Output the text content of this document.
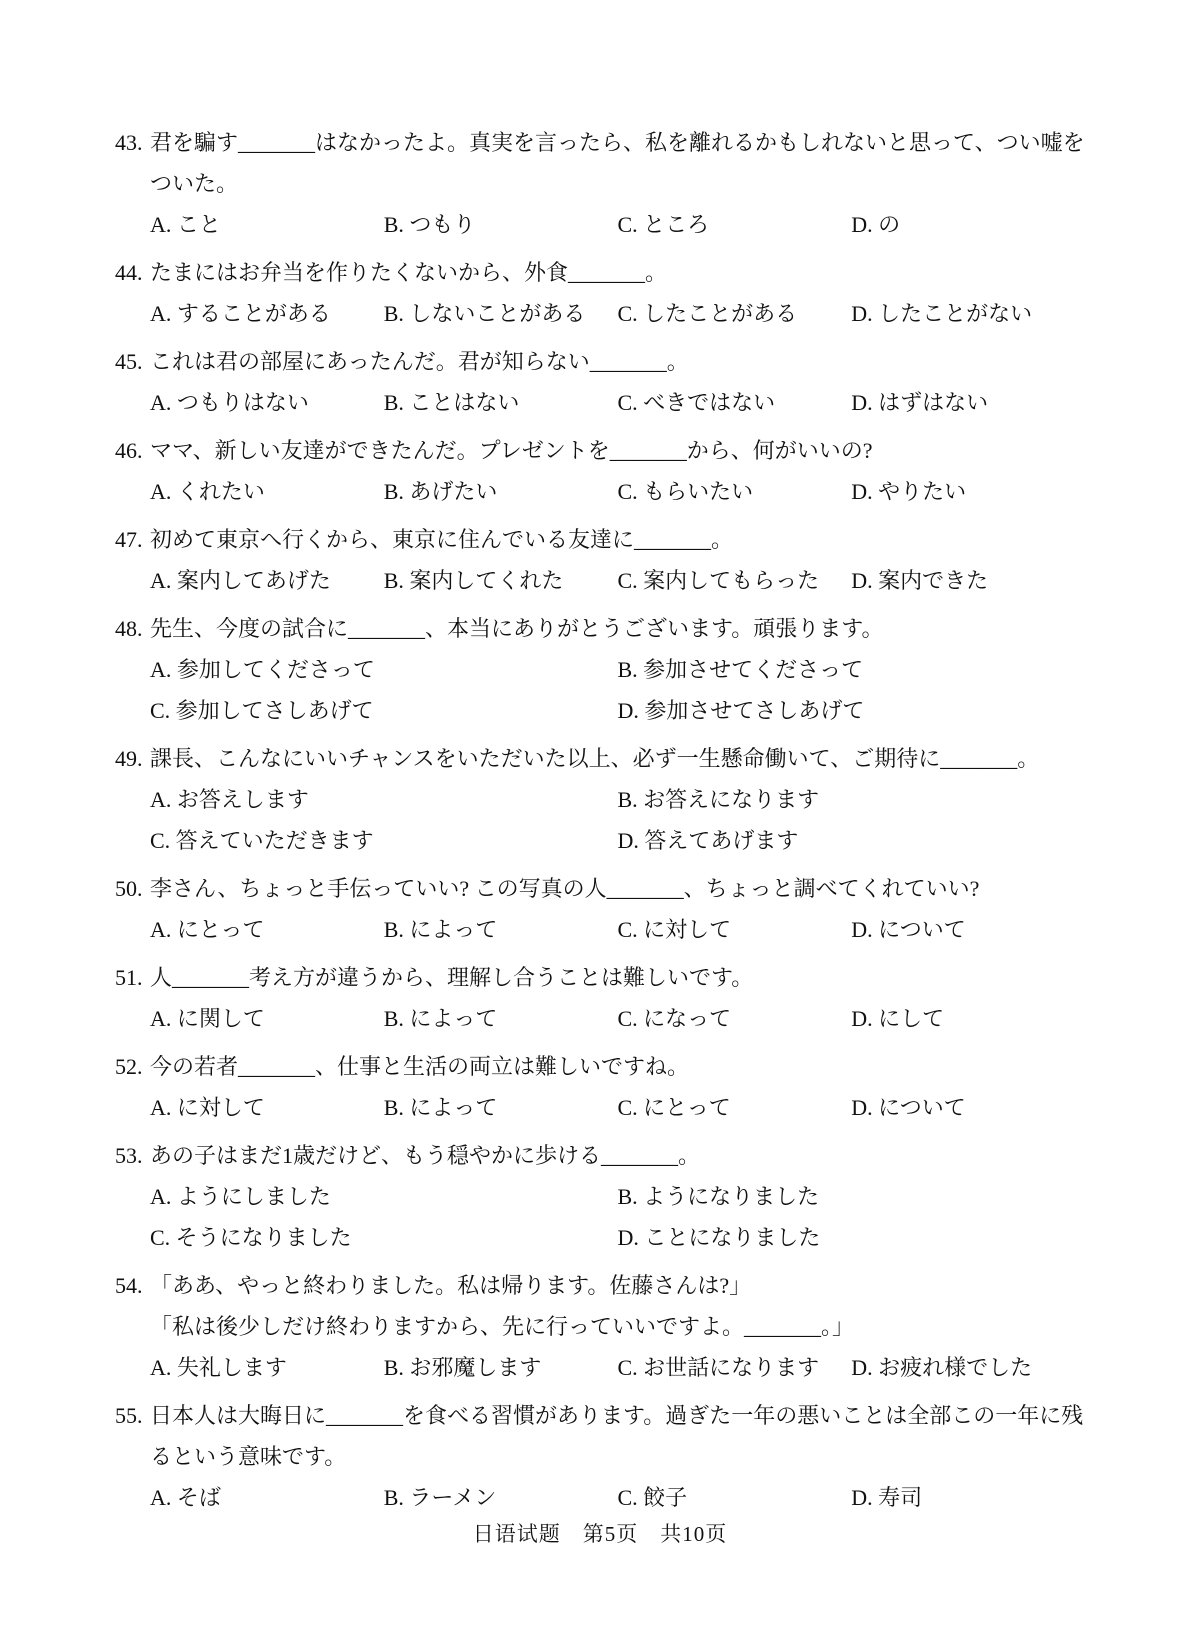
43. 君を騙す_______はなかったよ。真実を言ったら、私を離れるかもしれないと思って、つい嘘をついた。
A. こと	B. つもり	C. ところ	D. の
44. たまにはお弁当を作りたくないから、外食_______。
A. することがある	B. しないことがある	C. したことがある	D. したことがない
45. これは君の部屋にあったんだ。君が知らない_______。
A. つもりはない	B. ことはない	C. べきではない	D. はずはない
46. ママ、新しい友達ができたんだ。プレゼントを_______から、何がいいの?
A. くれたい	B. あげたい	C. もらいたい	D. やりたい
47. 初めて東京へ行くから、東京に住んでいる友達に_______。
A. 案内してあげた	B. 案内してくれた	C. 案内してもらった	D. 案内できた
48. 先生、今度の試合に_______、本当にありがとうございます。頑張ります。
A. 参加してくださって	B. 参加させてくださって
C. 参加してさしあげて	D. 参加させてさしあげて
49. 課長、こんなにいいチャンスをいただいた以上、必ず一生懸命働いて、ご期待に_______。
A. お答えします	B. お答えになります
C. 答えていただきます	D. 答えてあげます
50. 李さん、ちょっと手伝っていい? この写真の人_______、ちょっと調べてくれていい?
A. にとって	B. によって	C. に対して	D. について
51. 人_______考え方が違うから、理解し合うことは難しいです。
A. に関して	B. によって	C. になって	D. にして
52. 今の若者_______、仕事と生活の両立は難しいですね。
A. に対して	B. によって	C. にとって	D. について
53. あの子はまだ1歳だけど、もう穏やかに歩ける_______。
A. ようにしました	B. ようになりました
C. そうになりました	D. ことになりました
54. 「ああ、やっと終わりました。私は帰ります。佐藤さんは?」
「私は後少しだけ終わりますから、先に行っていいですよ。_______。」
A. 失礼します	B. お邪魔します	C. お世話になります	D. お疲れ様でした
55. 日本人は大晦日に_______を食べる習慣があります。過ぎた一年の悪いことは全部この一年に残るという意味です。
A. そば	B. ラーメン	C. 餃子	D. 寿司
日语试题　第5页　共10页
